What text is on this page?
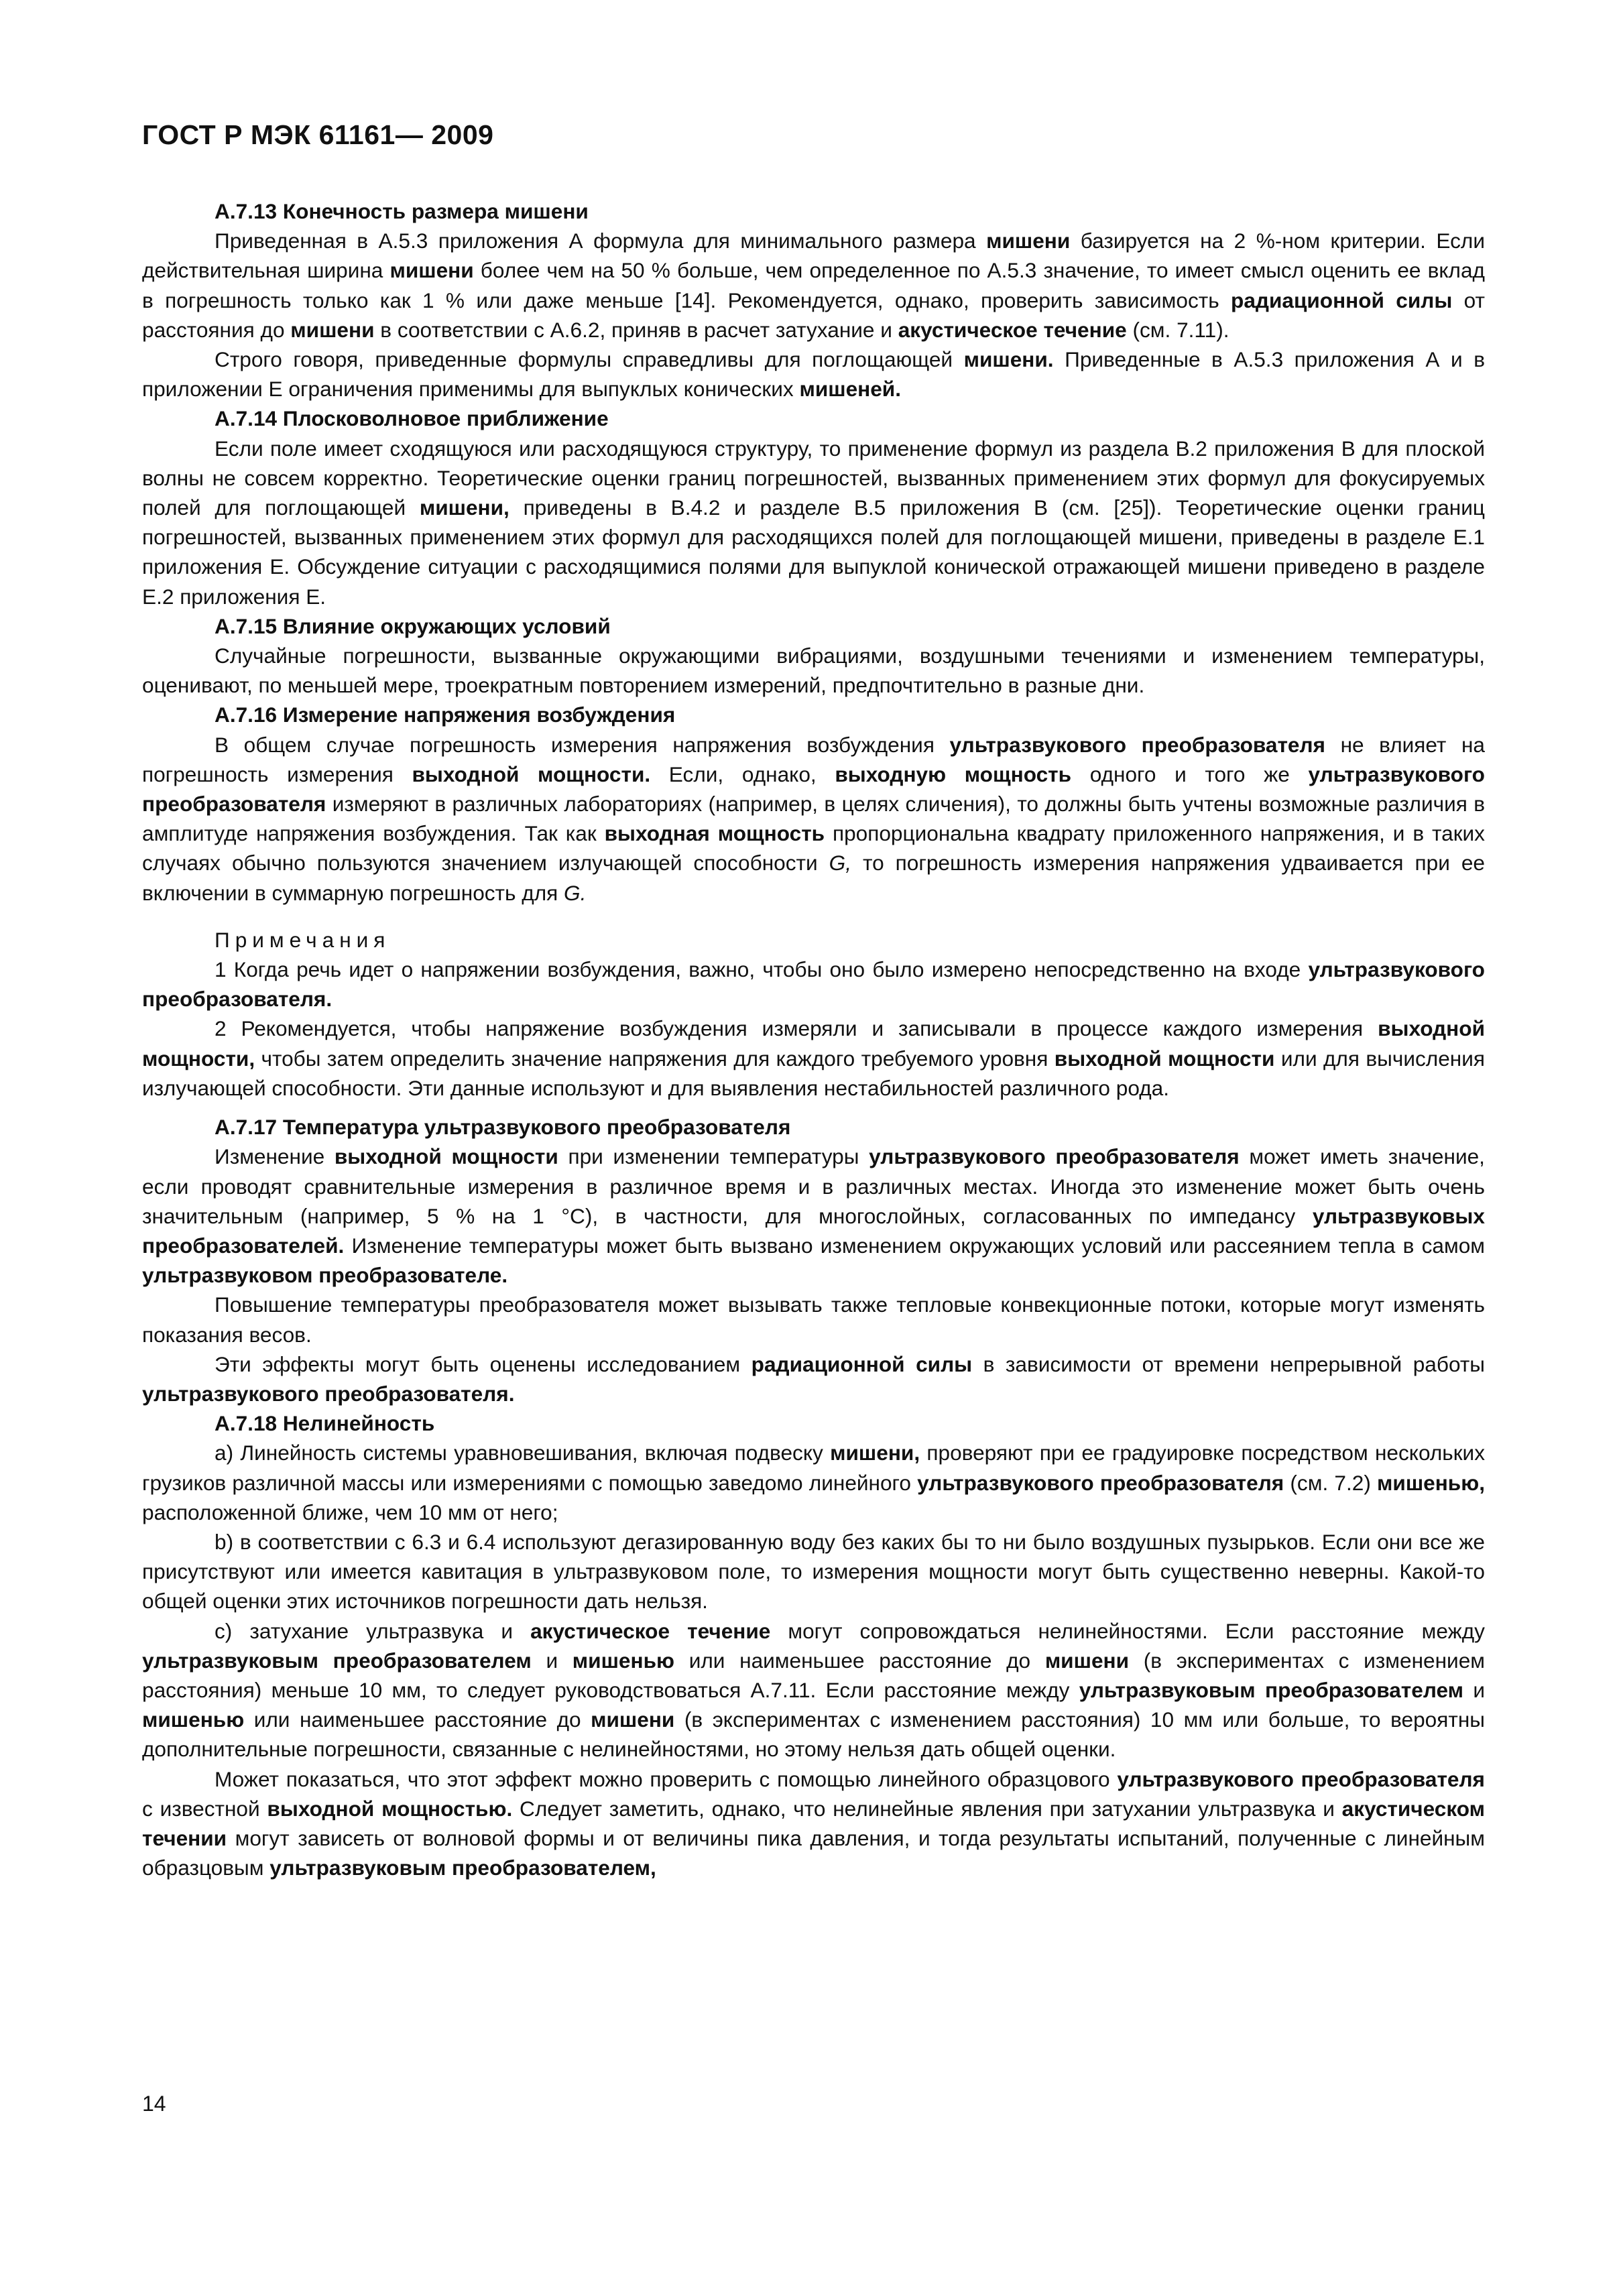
ГОСТ Р МЭК 61161— 2009
А.7.13 Конечность размера мишени

Приведенная в А.5.3 приложения А формула для минимального размера мишени базируется на 2 %-ном критерии. Если действительная ширина мишени более чем на 50 % больше, чем определенное по А.5.3 значение, то имеет смысл оценить ее вклад в погрешность только как 1 % или даже меньше [14]. Рекомендуется, однако, проверить зависимость радиационной силы от расстояния до мишени в соответствии с А.6.2, приняв в расчет затухание и акустическое течение (см. 7.11).

Строго говоря, приведенные формулы справедливы для поглощающей мишени. Приведенные в А.5.3 приложения А и в приложении Е ограничения применимы для выпуклых конических мишеней.

А.7.14 Плосковолновое приближение

Если поле имеет сходящуюся или расходящуюся структуру, то применение формул из раздела В.2 приложения В для плоской волны не совсем корректно. Теоретические оценки границ погрешностей, вызванных применением этих формул для фокусируемых полей для поглощающей мишени, приведены в В.4.2 и разделе В.5 приложения В (см. [25]). Теоретические оценки границ погрешностей, вызванных применением этих формул для расходящихся полей для поглощающей мишени, приведены в разделе Е.1 приложения Е. Обсуждение ситуации с расходящимися полями для выпуклой конической отражающей мишени приведено в разделе Е.2 приложения Е.

А.7.15 Влияние окружающих условий

Случайные погрешности, вызванные окружающими вибрациями, воздушными течениями и изменением температуры, оценивают, по меньшей мере, троекратным повторением измерений, предпочтительно в разные дни.

А.7.16 Измерение напряжения возбуждения

В общем случае погрешность измерения напряжения возбуждения ультразвукового преобразователя не влияет на погрешность измерения выходной мощности. Если, однако, выходную мощность одного и того же ультразвукового преобразователя измеряют в различных лабораториях (например, в целях сличения), то должны быть учтены возможные различия в амплитуде напряжения возбуждения. Так как выходная мощность пропорциональна квадрату приложенного напряжения, и в таких случаях обычно пользуются значением излучающей способности G, то погрешность измерения напряжения удваивается при ее включении в суммарную погрешность для G.

Примечания

1 Когда речь идет о напряжении возбуждения, важно, чтобы оно было измерено непосредственно на входе ультразвукового преобразователя.

2 Рекомендуется, чтобы напряжение возбуждения измеряли и записывали в процессе каждого измерения выходной мощности, чтобы затем определить значение напряжения для каждого требуемого уровня выходной мощности или для вычисления излучающей способности. Эти данные используют и для выявления нестабильностей различного рода.

А.7.17 Температура ультразвукового преобразователя

Изменение выходной мощности при изменении температуры ультразвукового преобразователя может иметь значение, если проводят сравнительные измерения в различное время и в различных местах. Иногда это изменение может быть очень значительным (например, 5 % на 1 °С), в частности, для многослойных, согласованных по импедансу ультразвуковых преобразователей. Изменение температуры может быть вызвано изменением окружающих условий или рассеянием тепла в самом ультразвуковом преобразователе.

Повышение температуры преобразователя может вызывать также тепловые конвекционные потоки, которые могут изменять показания весов.

Эти эффекты могут быть оценены исследованием радиационной силы в зависимости от времени непрерывной работы ультразвукового преобразователя.

А.7.18 Нелинейность

а) Линейность системы уравновешивания, включая подвеску мишени, проверяют при ее градуировке посредством нескольких грузиков различной массы или измерениями с помощью заведомо линейного ультразвукового преобразователя (см. 7.2) мишенью, расположенной ближе, чем 10 мм от него;

b) в соответствии с 6.3 и 6.4 используют дегазированную воду без каких бы то ни было воздушных пузырьков. Если они все же присутствуют или имеется кавитация в ультразвуковом поле, то измерения мощности могут быть существенно неверны. Какой-то общей оценки этих источников погрешности дать нельзя.

с) затухание ультразвука и акустическое течение могут сопровождаться нелинейностями. Если расстояние между ультразвуковым преобразователем и мишенью или наименьшее расстояние до мишени (в экспериментах с изменением расстояния) меньше 10 мм, то следует руководствоваться А.7.11. Если расстояние между ультразвуковым преобразователем и мишенью или наименьшее расстояние до мишени (в экспериментах с изменением расстояния) 10 мм или больше, то вероятны дополнительные погрешности, связанные с нелинейностями, но этому нельзя дать общей оценки.

Может показаться, что этот эффект можно проверить с помощью линейного образцового ультразвукового преобразователя с известной выходной мощностью. Следует заметить, однако, что нелинейные явления при затухании ультразвука и акустическом течении могут зависеть от волновой формы и от величины пика давления, и тогда результаты испытаний, полученные с линейным образцовым ультразвуковым преобразователем,

14
